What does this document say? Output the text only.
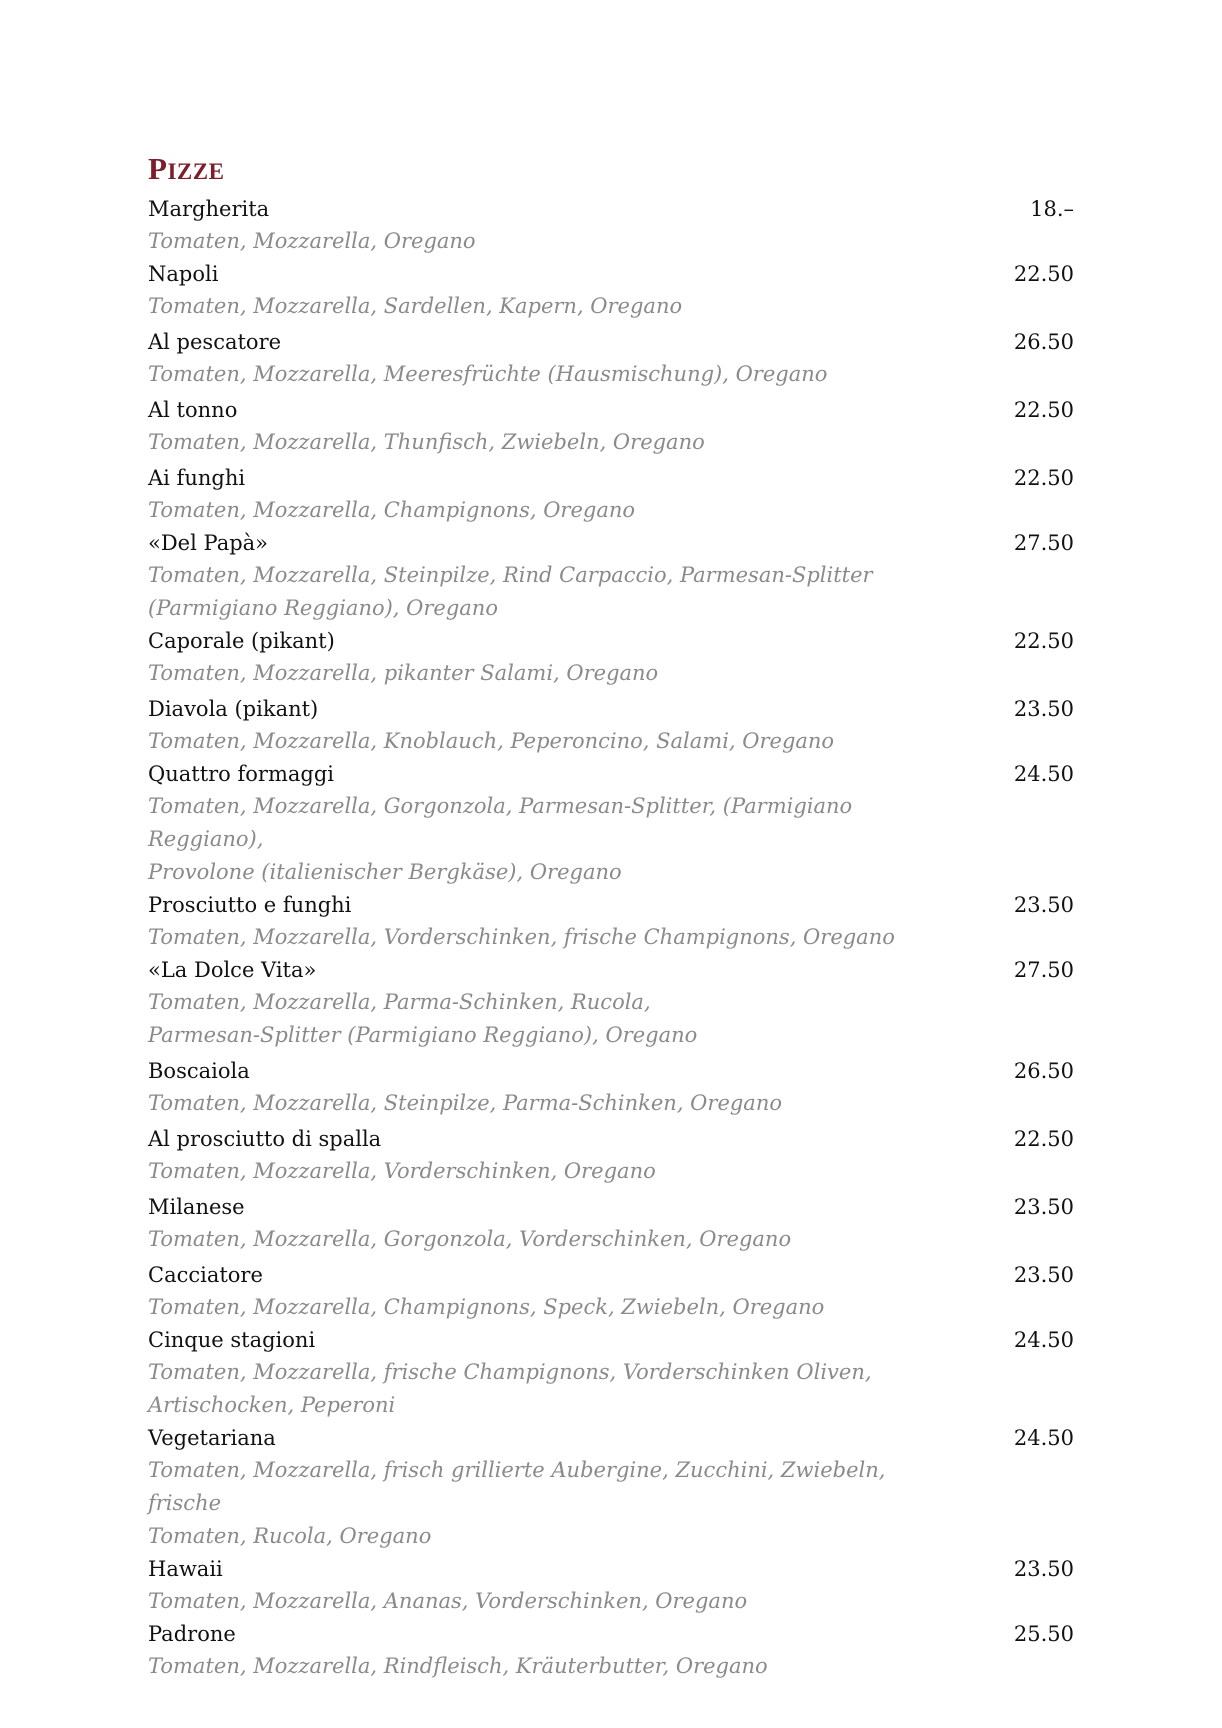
PIZZE
Margherita	18.–
Tomaten, Mozzarella, Oregano
Napoli	22.50
Tomaten, Mozzarella, Sardellen, Kapern, Oregano
Al pescatore	26.50
Tomaten, Mozzarella, Meeresfrüchte (Hausmischung), Oregano
Al tonno	22.50
Tomaten, Mozzarella, Thunfisch, Zwiebeln, Oregano
Ai funghi	22.50
Tomaten, Mozzarella, Champignons, Oregano
«Del Papà»	27.50
Tomaten, Mozzarella, Steinpilze, Rind Carpaccio, Parmesan-Splitter
(Parmigiano Reggiano), Oregano
Caporale (pikant)	22.50
Tomaten, Mozzarella, pikanter Salami, Oregano
Diavola (pikant)	23.50
Tomaten, Mozzarella, Knoblauch, Peperoncino, Salami, Oregano
Quattro formaggi	24.50
Tomaten, Mozzarella, Gorgonzola, Parmesan-Splitter, (Parmigiano Reggiano),
Provolone (italienischer Bergkäse), Oregano
Prosciutto e funghi	23.50
Tomaten, Mozzarella, Vorderschinken, frische Champignons, Oregano
«La Dolce Vita»	27.50
Tomaten, Mozzarella, Parma-Schinken, Rucola,
Parmesan-Splitter (Parmigiano Reggiano), Oregano
Boscaiola	26.50
Tomaten, Mozzarella, Steinpilze, Parma-Schinken, Oregano
Al prosciutto di spalla	22.50
Tomaten, Mozzarella, Vorderschinken, Oregano
Milanese	23.50
Tomaten, Mozzarella, Gorgonzola, Vorderschinken, Oregano
Cacciatore	23.50
Tomaten, Mozzarella, Champignons, Speck, Zwiebeln, Oregano
Cinque stagioni	24.50
Tomaten, Mozzarella, frische Champignons, Vorderschinken Oliven,
Artischocken, Peperoni
Vegetariana	24.50
Tomaten, Mozzarella, frisch grillierte Aubergine, Zucchini, Zwiebeln, frische
Tomaten, Rucola, Oregano
Hawaii	23.50
Tomaten, Mozzarella, Ananas, Vorderschinken, Oregano
Padrone	25.50
Tomaten, Mozzarella, Rindfleisch, Kräuterbutter, Oregano
